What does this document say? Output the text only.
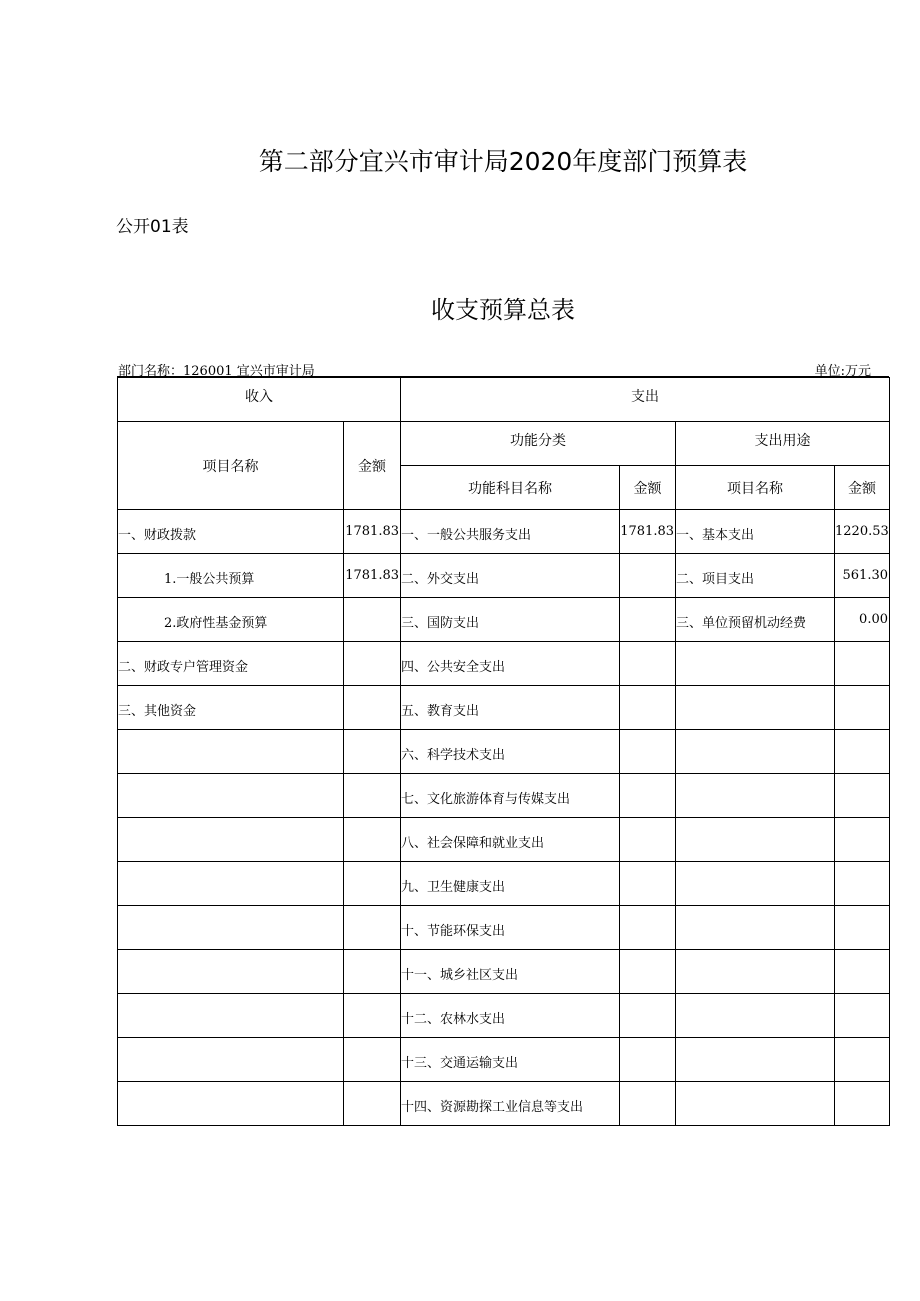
第二部分宜兴市审计局2020年度部门预算表
公开01表
收支预算总表
部门名称：126001 宜兴市审计局	单位:万元
收入		支出			
项目名称	金额	功能分类		支出用途	
		功能科目名称	金额	项目名称	金额
一、财政拨款	1781.83	一、一般公共服务支出	1781.83	一、基本支出	1220.53
1.一般公共预算	1781.83	二、外交支出		二、项目支出	561.30
2.政府性基金预算		三、国防支出		三、单位预留机动经费	0.00
二、财政专户管理资金		四、公共安全支出			
三、其他资金		五、教育支出			
		六、科学技术支出			
		七、文化旅游体育与传媒支出			
		八、社会保障和就业支出			
		九、卫生健康支出			
		十、节能环保支出			
		十一、城乡社区支出			
		十二、农林水支出			
		十三、交通运输支出			
		十四、资源勘探工业信息等支出			
